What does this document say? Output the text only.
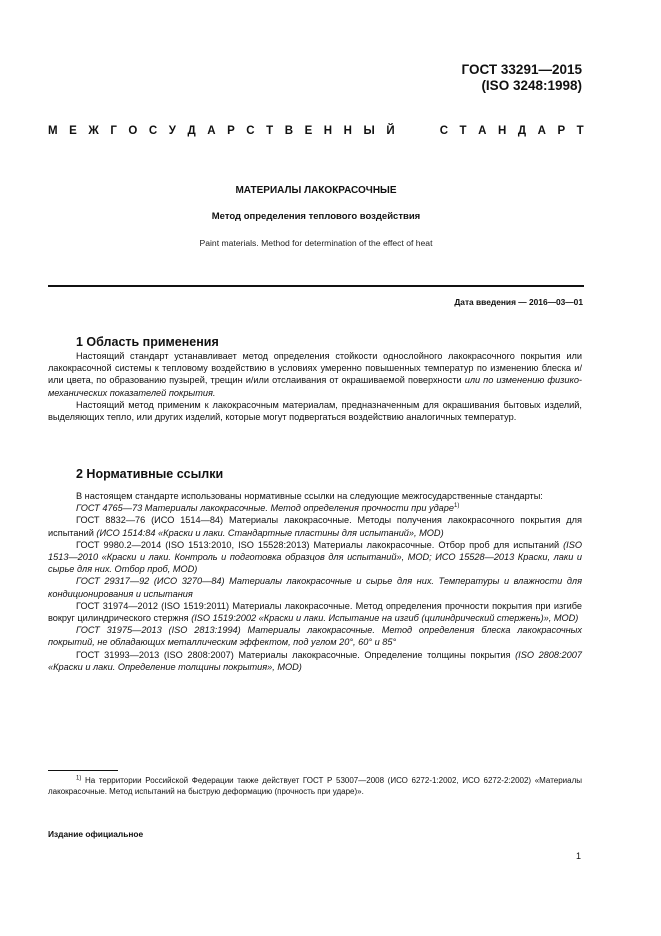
ГОСТ 33291—2015
(ISO 3248:1998)
М Е Ж Г О С У Д А Р С Т В Е Н Н Ы Й
	С Т А Н Д А Р Т
МАТЕРИАЛЫ ЛАКОКРАСОЧНЫЕ
Метод определения теплового воздействия
Paint materials. Method for determination of the effect of heat
Дата введения — 2016—03—01
1 Область применения

Настоящий стандарт устанавливает метод определения стойкости однослойного лакокрасочного покрытия или лакокрасочной системы к тепловому воздействию в условиях умеренно повышенных температур по изменению блеска и/или цвета, по образованию пузырей, трещин и/или отслаивания от окрашиваемой поверхности или по изменению физико-механических показателей покрытия.

Настоящий метод применим к лакокрасочным материалам, предназначенным для окрашивания бытовых изделий, выделяющих тепло, или других изделий, которые могут подвергаться воздействию аналогичных температур.

2 Нормативные ссылки

В настоящем стандарте использованы нормативные ссылки на следующие межгосударственные стандарты:

ГОСТ 4765—73 Материалы лакокрасочные. Метод определения прочности при ударе$^{1)}$

ГОСТ 8832—76 (ИСО 1514—84) Материалы лакокрасочные. Методы получения лакокрасочного покрытия для испытаний (ИСО 1514:84 «Краски и лаки. Стандартные пластины для испытаний», MOD)

ГОСТ 9980.2—2014 (ISO 1513:2010, ISO 15528:2013) Материалы лакокрасочные. Отбор проб для испытаний (ISO 1513—2010 «Краски и лаки. Контроль и подготовка образцов для испытаний», MOD; ИСО 15528—2013 Краски, лаки и сырье для них. Отбор проб, MOD)

ГОСТ 29317—92 (ИСО 3270—84) Материалы лакокрасочные и сырье для них. Температуры и влажности для кондиционирования и испытания

ГОСТ 31974—2012 (ISO 1519:2011) Материалы лакокрасочные. Метод определения прочности покрытия при изгибе вокруг цилиндрического стержня (ISO 1519:2002 «Краски и лаки. Испытание на изгиб (цилиндрический стержень)», MOD)

ГОСТ 31975—2013 (ISO 2813:1994) Материалы лакокрасочные. Метод определения блеска лакокрасочных покрытий, не обладающих металлическим эффектом, под углом 20°, 60° и 85°

ГОСТ 31993—2013 (ISO 2808:2007) Материалы лакокрасочные. Определение толщины покрытия (ISO 2808:2007 «Краски и лаки. Определение толщины покрытия», MOD)

$^{1)}$ На территории Российской Федерации также действует ГОСТ Р 53007—2008 (ИСО 6272-1:2002, ИСО 6272-2:2002) «Материалы лакокрасочные. Метод испытаний на быструю деформацию (прочность при ударе)».

Издание официальное
1
